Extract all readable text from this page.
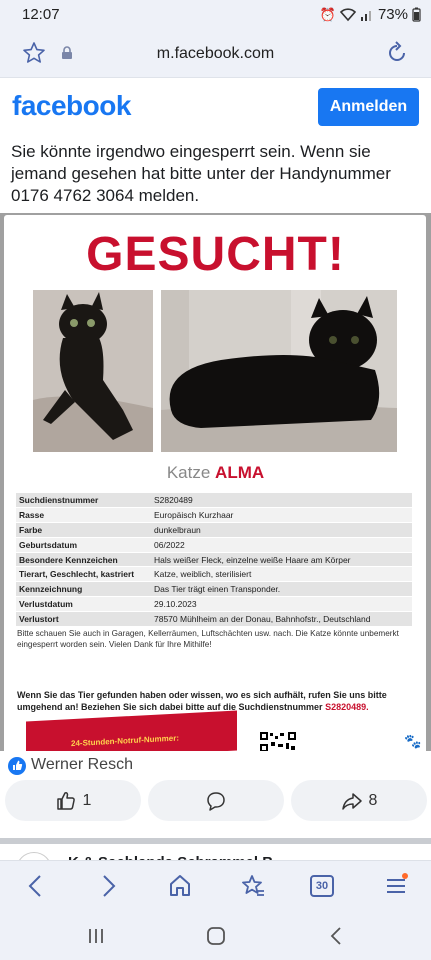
12:07	⏰	73%
m.facebook.com
facebook	Anmelden
Sie könnte irgendwo eingesperrt sein. Wenn sie jemand gesehen hat bitte unter der Handynummer 0176 4762 3064 melden.
GESUCHT!
Katze ALMA
Suchdienstnummer	S2820489
Rasse	Europäisch Kurzhaar
Farbe	dunkelbraun
Geburtsdatum	06/2022
Besondere Kennzeichen	Hals weißer Fleck, einzelne weiße Haare am Körper
Tierart, Geschlecht, kastriert	Katze, weiblich, sterilisiert
Kennzeichnung	Das Tier trägt einen Transponder.
Verlustdatum	29.10.2023
Verlustort	78570 Mühlheim an der Donau, Bahnhofstr., Deutschland
Bitte schauen Sie auch in Garagen, Kellerräumen, Luftschächten usw. nach. Die Katze könnte unbemerkt eingesperrt worden sein. Vielen Dank für Ihre Mithilfe!
Wenn Sie das Tier gefunden haben oder wissen, wo es sich aufhält, rufen Sie uns bitte umgehend an! Beziehen Sie sich dabei bitte auf die Suchdienstnummer S2820489.
24-Stunden-Notruf-Nummer:	🐾
Werner Resch
1	8
30
